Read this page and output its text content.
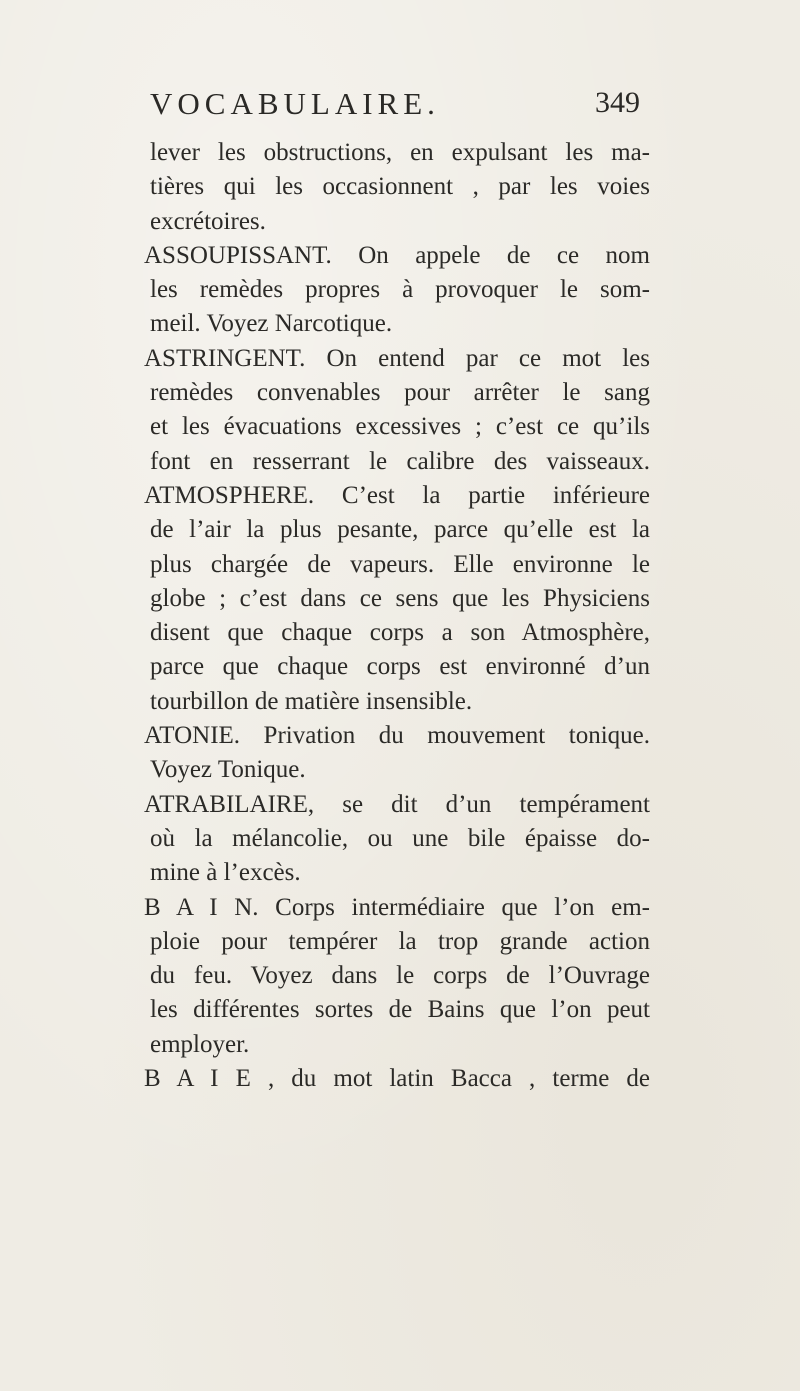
VOCABULAIRE.	349
lever les obstructions, en expulsant les ma-
tières qui les occasionnent , par les voies
excrétoires.
ASSOUPISSANT. On appele de ce nom
les remèdes propres à provoquer le som-
meil. Voyez Narcotique.
ASTRINGENT. On entend par ce mot les
remèdes convenables pour arrêter le sang
et les évacuations excessives ; c’est ce qu’ils
font en resserrant le calibre des vaisseaux.
ATMOSPHERE. C’est la partie inférieure
de l’air la plus pesante, parce qu’elle est la
plus chargée de vapeurs. Elle environne le
globe ; c’est dans ce sens que les Physiciens
disent que chaque corps a son Atmosphère,
parce que chaque corps est environné d’un
tourbillon de matière insensible.
ATONIE. Privation du mouvement tonique.
Voyez Tonique.
ATRABILAIRE, se dit d’un tempérament
où la mélancolie, ou une bile épaisse do-
mine à l’excès.
B A I N. Corps intermédiaire que l’on em-
ploie pour tempérer la trop grande action
du feu. Voyez dans le corps de l’Ouvrage
les différentes sortes de Bains que l’on peut
employer.
B A I E , du mot latin Bacca , terme de
